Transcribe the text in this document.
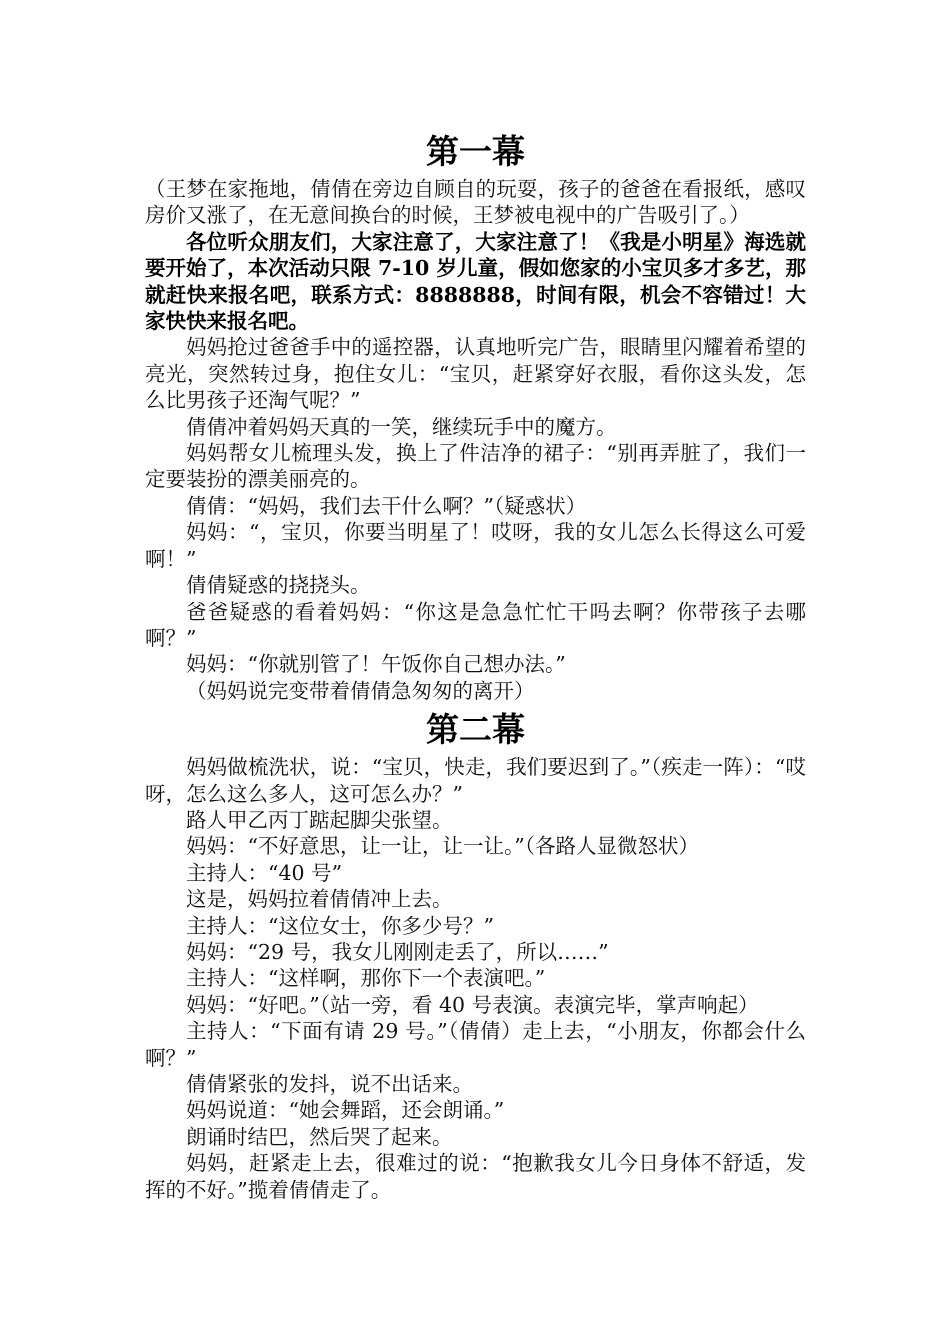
第一幕

（王梦在家拖地，倩倩在旁边自顾自的玩耍，孩子的爸爸在看报纸，感叹房价又涨了，在无意间换台的时候，王梦被电视中的广告吸引了。）

各位听众朋友们，大家注意了，大家注意了！《我是小明星》海选就要开始了，本次活动只限 7-10 岁儿童，假如您家的小宝贝多才多艺，那就赶快来报名吧，联系方式：8888888，时间有限，机会不容错过！大家快快来报名吧。

妈妈抢过爸爸手中的遥控器，认真地听完广告，眼睛里闪耀着希望的亮光，突然转过身，抱住女儿：“宝贝，赶紧穿好衣服，看你这头发，怎么比男孩子还淘气呢？”

倩倩冲着妈妈天真的一笑，继续玩手中的魔方。

妈妈帮女儿梳理头发，换上了件洁净的裙子：“别再弄脏了，我们一定要装扮的漂美丽亮的。

倩倩：“妈妈，我们去干什么啊？”（疑惑状）

妈妈：“，宝贝，你要当明星了！哎呀，我的女儿怎么长得这么可爱啊！”

倩倩疑惑的挠挠头。

爸爸疑惑的看着妈妈：“你这是急急忙忙干吗去啊？你带孩子去哪啊？”

妈妈：“你就别管了！午饭你自己想办法。”

（妈妈说完变带着倩倩急匆匆的离开）

第二幕

妈妈做梳洗状，说：“宝贝，快走，我们要迟到了。”（疾走一阵）：“哎呀，怎么这么多人，这可怎么办？”

路人甲乙丙丁踮起脚尖张望。

妈妈：“不好意思，让一让，让一让。”（各路人显微怒状）

主持人：“40 号”

这是，妈妈拉着倩倩冲上去。

主持人：“这位女士，你多少号？”

妈妈：“29 号，我女儿刚刚走丢了，所以……”

主持人：“这样啊，那你下一个表演吧。”

妈妈：“好吧。”（站一旁，看 40 号表演。表演完毕，掌声响起）

主持人：“下面有请 29 号。”（倩倩）走上去，“小朋友，你都会什么啊？”

倩倩紧张的发抖，说不出话来。

妈妈说道：“她会舞蹈，还会朗诵。”

朗诵时结巴，然后哭了起来。

妈妈，赶紧走上去，很难过的说：“抱歉我女儿今日身体不舒适，发挥的不好。”揽着倩倩走了。
